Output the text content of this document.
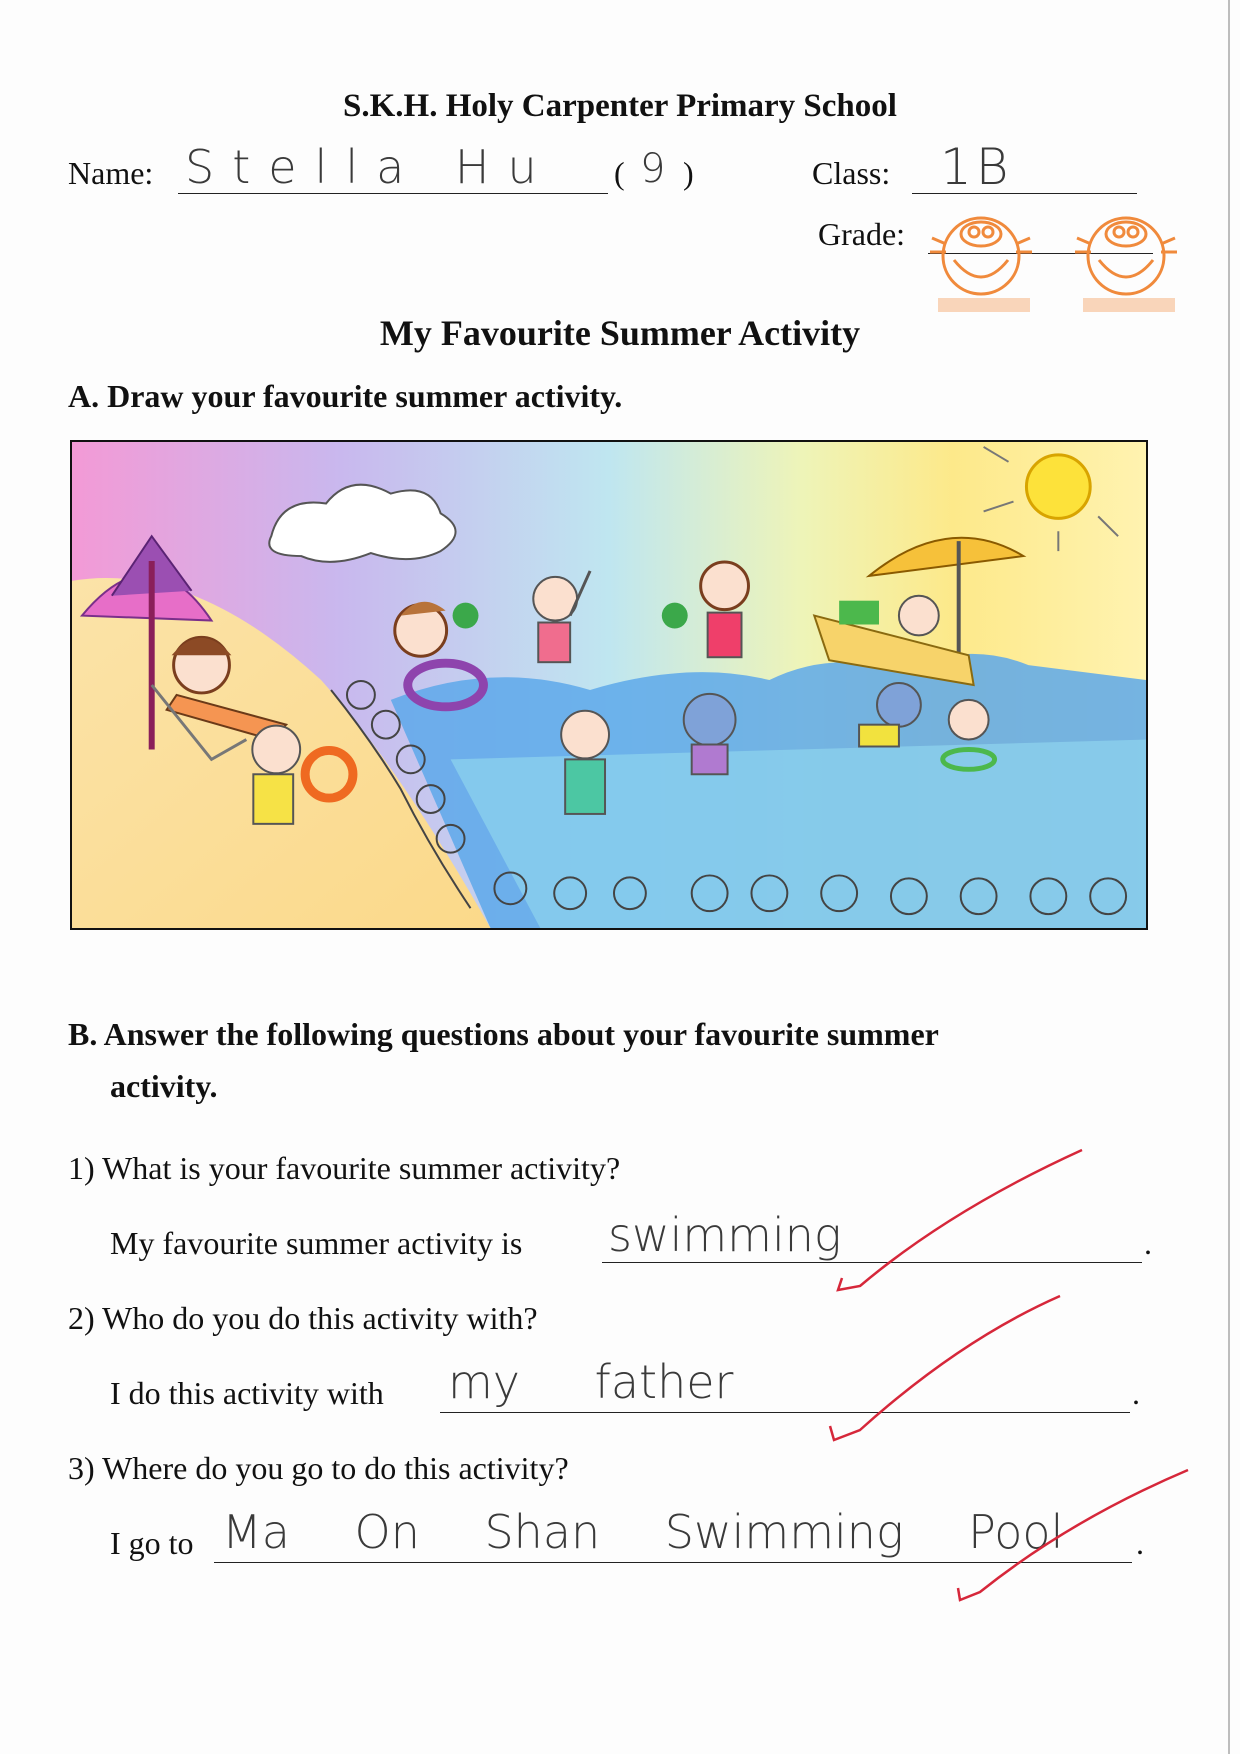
S.K.H. Holy Carpenter Primary School
Name: Stella Hu ( 9 )	Class: 1B
Grade:
My Favourite Summer Activity
A. Draw your favourite summer activity.
B. Answer the following questions about your favourite summer
activity.
1) What is your favourite summer activity?
My favourite summer activity is swimming	.
2) Who do you do this activity with?
I do this activity with my father	.
3) Where do you go to do this activity?
I go to Ma On Shan Swimming Pool .
